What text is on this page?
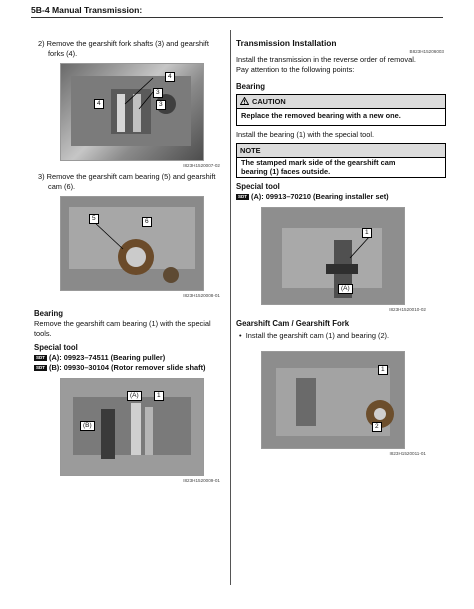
5B-4 Manual Transmission:
2) Remove the gearshift fork shafts (3) and gearshift
forks (4).
4
4
3
3
I823H1520007-02
3) Remove the gearshift cam bearing (5) and gearshift
cam (6).
5	6
I823H1520008-01
Bearing
Remove the gearshift cam bearing (1) with the special
tools.
Special tool
SDT (A): 09923–74511 (Bearing puller)
SDT (B): 09930–30104 (Rotor remover slide shaft)
(A)	1
(B)
I823H1520009-01
Transmission Installation
B823H15206003
Install the transmission in the reverse order of removal.
Pay attention to the following points:
Bearing
CAUTION
Replace the removed bearing with a new one.
Install the bearing (1) with the special tool.
NOTE
The stamped mark side of the gearshift cam
bearing (1) faces outside.
Special tool
SDT (A): 09913–70210 (Bearing installer set)
1
(A)
I823H1520010-02
Gearshift Cam / Gearshift Fork
•  Install the gearshift cam (1) and bearing (2).
1
2
I823H1520011-01
